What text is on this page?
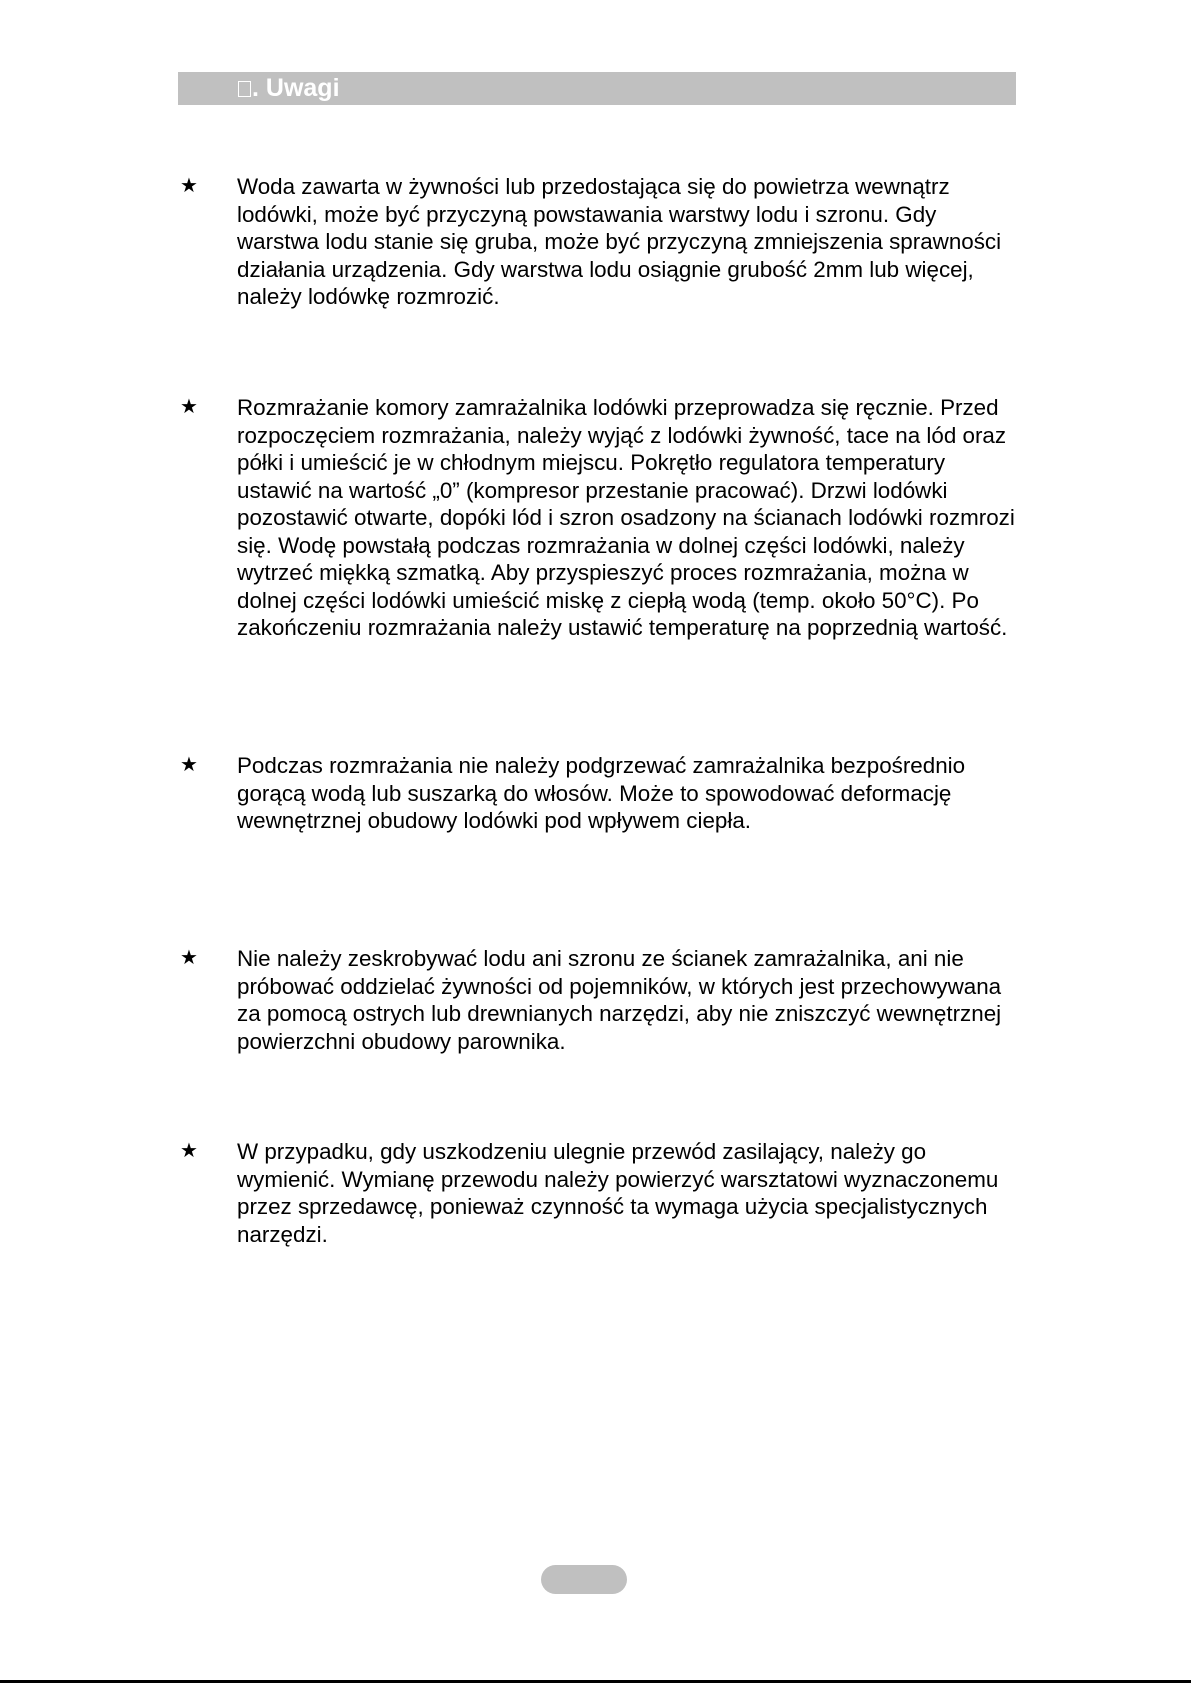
. Uwagi
★ Woda zawarta w żywności lub przedostająca się do powietrza wewnątrz lodówki, może być przyczyną powstawania warstwy lodu i szronu. Gdy warstwa lodu stanie się gruba, może być przyczyną zmniejszenia sprawności działania urządzenia. Gdy warstwa lodu osiągnie grubość 2mm lub więcej, należy lodówkę rozmrozić.

★ Rozmrażanie komory zamrażalnika lodówki przeprowadza się ręcznie. Przed rozpoczęciem rozmrażania, należy wyjąć z lodówki żywność, tace na lód oraz półki i umieścić je w chłodnym miejscu. Pokrętło regulatora temperatury ustawić na wartość „0” (kompresor przestanie pracować). Drzwi lodówki pozostawić otwarte, dopóki lód i szron osadzony na ścianach lodówki rozmrozi się. Wodę powstałą podczas rozmrażania w dolnej części lodówki, należy wytrzeć miękką szmatką. Aby przyspieszyć proces rozmrażania, można w dolnej części lodówki umieścić miskę z ciepłą wodą (temp. około 50°C). Po zakończeniu rozmrażania należy ustawić temperaturę na poprzednią wartość.

★ Podczas rozmrażania nie należy podgrzewać zamrażalnika bezpośrednio gorącą wodą lub suszarką do włosów. Może to spowodować deformację wewnętrznej obudowy lodówki pod wpływem ciepła.

★ Nie należy zeskrobywać lodu ani szronu ze ścianek zamrażalnika, ani nie próbować oddzielać żywności od pojemników, w których jest przechowywana za pomocą ostrych lub drewnianych narzędzi, aby nie zniszczyć wewnętrznej powierzchni obudowy parownika.

★ W przypadku, gdy uszkodzeniu ulegnie przewód zasilający, należy go wymienić. Wymianę przewodu należy powierzyć warsztatowi wyznaczonemu przez sprzedawcę, ponieważ czynność ta wymaga użycia specjalistycznych narzędzi.
